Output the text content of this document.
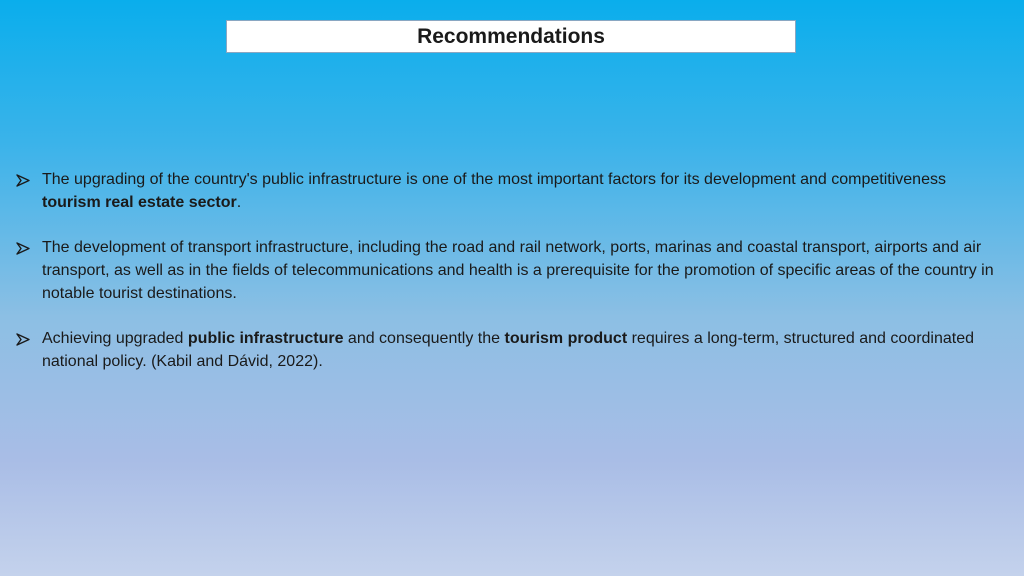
Recommendations
The upgrading of the country's public infrastructure is one of the most important factors for its development and competitiveness tourism real estate sector.
The development of transport infrastructure, including the road and rail network, ports, marinas and coastal transport, airports and air transport, as well as in the fields of telecommunications and health is a prerequisite for the promotion of specific areas of the country in notable tourist destinations.
Achieving upgraded public infrastructure and consequently the tourism product requires a long-term, structured and coordinated national policy. (Kabil and Dávid, 2022).
